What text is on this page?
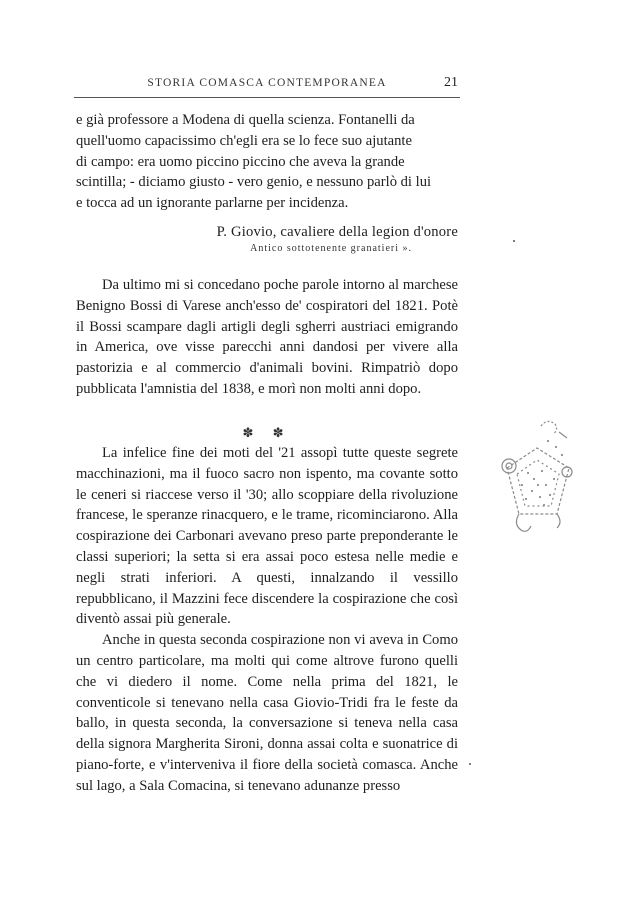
STORIA COMASCA CONTEMPORANEA	21

e già professore a Modena di quella scienza. Fontanelli da

quell'uomo capacissimo ch'egli era se lo fece suo ajutante

di campo: era uomo piccino piccino che aveva la grande

scintilla; - diciamo giusto - vero genio, e nessuno parlò di lui

e tocca ad un ignorante parlarne per incidenza.

P. Giovio, cavaliere della legion d'onore
Antico sottotenente granatieri ».

Da ultimo mi si concedano poche parole intorno al marchese Benigno Bossi di Varese anch'esso de' cospiratori del 1821. Potè il Bossi scampare dagli artigli degli sgherri austriaci emigrando in America, ove visse parecchi anni dandosi per vivere alla pastorizia e al commercio d'animali bovini. Rimpatriò dopo pubblicata l'amnistia del 1838, e morì non molti anni dopo.

✽ ✽

La infelice fine dei moti del '21 assopì tutte queste segrete macchinazioni, ma il fuoco sacro non ispento, ma covante sotto le ceneri si riaccese verso il '30; allo scoppiare della rivoluzione francese, le speranze rinacquero, e le trame, ricominciarono. Alla cospirazione dei Carbonari avevano preso parte preponderante le classi superiori; la setta si era assai poco estesa nelle medie e negli strati inferiori. A questi, innalzando il vessillo repubblicano, il Mazzini fece discendere la cospirazione che così diventò assai più generale.

Anche in questa seconda cospirazione non vi aveva in Como un centro particolare, ma molti qui come altrove furono quelli che vi diedero il nome. Come nella prima del 1821, le conventicole si tenevano nella casa Giovio-Tridi fra le feste da ballo, in questa seconda, la conversazione si teneva nella casa della signora Margherita Sironi, donna assai colta e suonatrice di piano-forte, e v'interveniva il fiore della società comasca. Anche sul lago, a Sala Comacina, si tenevano adunanze presso
